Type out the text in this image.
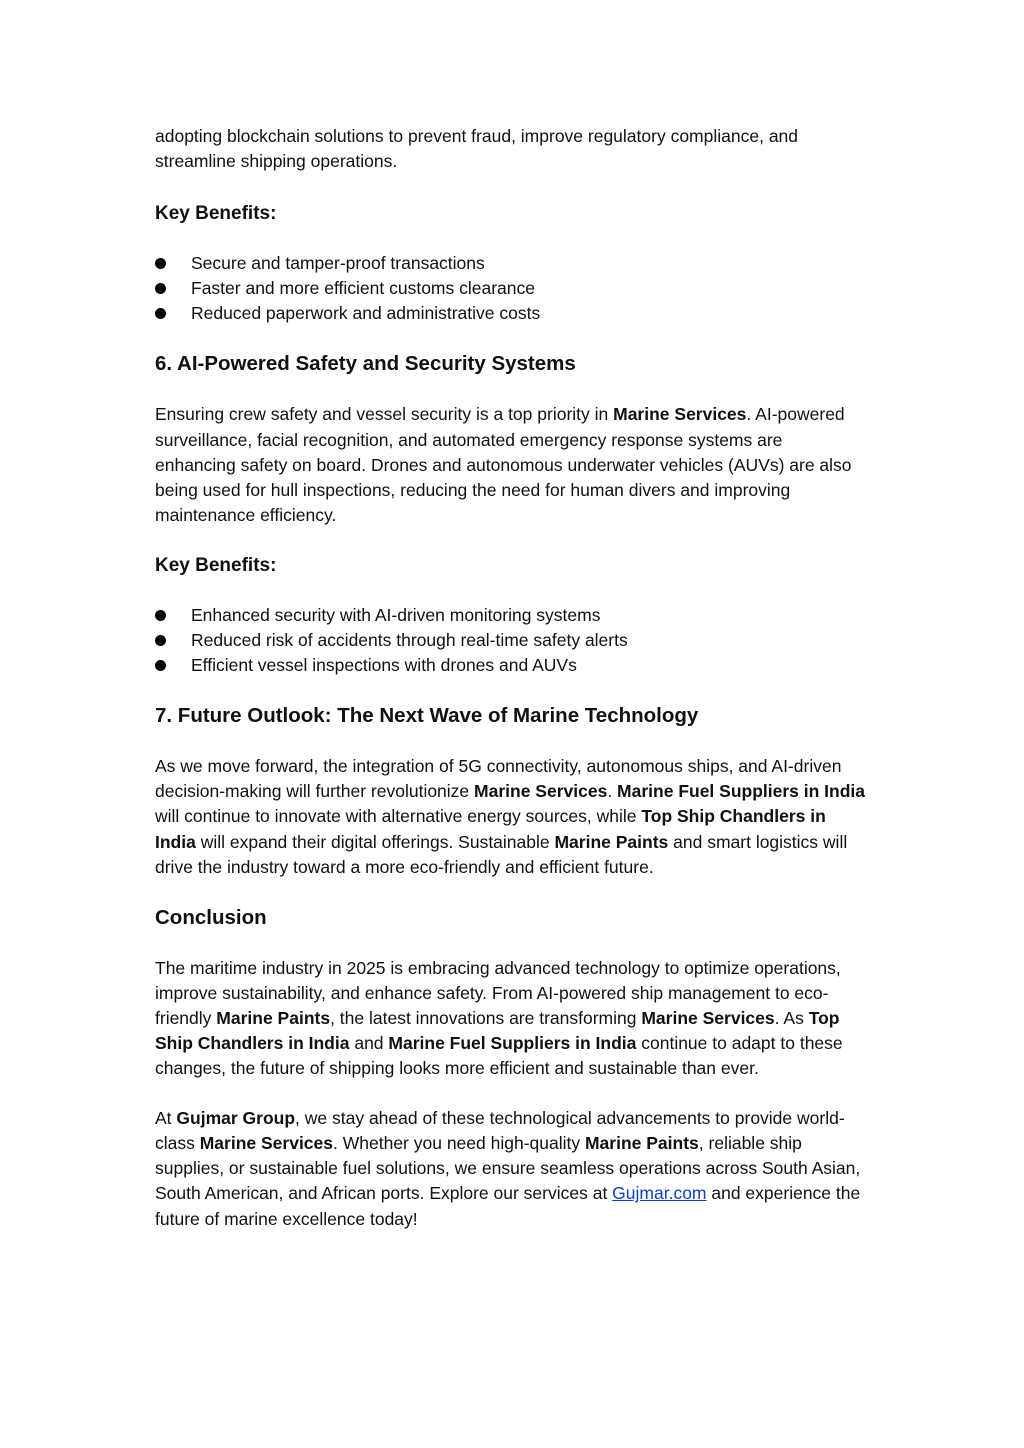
adopting blockchain solutions to prevent fraud, improve regulatory compliance, and streamline shipping operations.

Key Benefits:
Secure and tamper-proof transactions
Faster and more efficient customs clearance
Reduced paperwork and administrative costs
6. AI-Powered Safety and Security Systems

Ensuring crew safety and vessel security is a top priority in Marine Services. AI-powered surveillance, facial recognition, and automated emergency response systems are enhancing safety on board. Drones and autonomous underwater vehicles (AUVs) are also being used for hull inspections, reducing the need for human divers and improving maintenance efficiency.

Key Benefits:
Enhanced security with AI-driven monitoring systems
Reduced risk of accidents through real-time safety alerts
Efficient vessel inspections with drones and AUVs
7. Future Outlook: The Next Wave of Marine Technology

As we move forward, the integration of 5G connectivity, autonomous ships, and AI-driven decision-making will further revolutionize Marine Services. Marine Fuel Suppliers in India will continue to innovate with alternative energy sources, while Top Ship Chandlers in India will expand their digital offerings. Sustainable Marine Paints and smart logistics will drive the industry toward a more eco-friendly and efficient future.

Conclusion

The maritime industry in 2025 is embracing advanced technology to optimize operations, improve sustainability, and enhance safety. From AI-powered ship management to eco-friendly Marine Paints, the latest innovations are transforming Marine Services. As Top Ship Chandlers in India and Marine Fuel Suppliers in India continue to adapt to these changes, the future of shipping looks more efficient and sustainable than ever.

At Gujmar Group, we stay ahead of these technological advancements to provide world-class Marine Services. Whether you need high-quality Marine Paints, reliable ship supplies, or sustainable fuel solutions, we ensure seamless operations across South Asian, South American, and African ports. Explore our services at Gujmar.com and experience the future of marine excellence today!
